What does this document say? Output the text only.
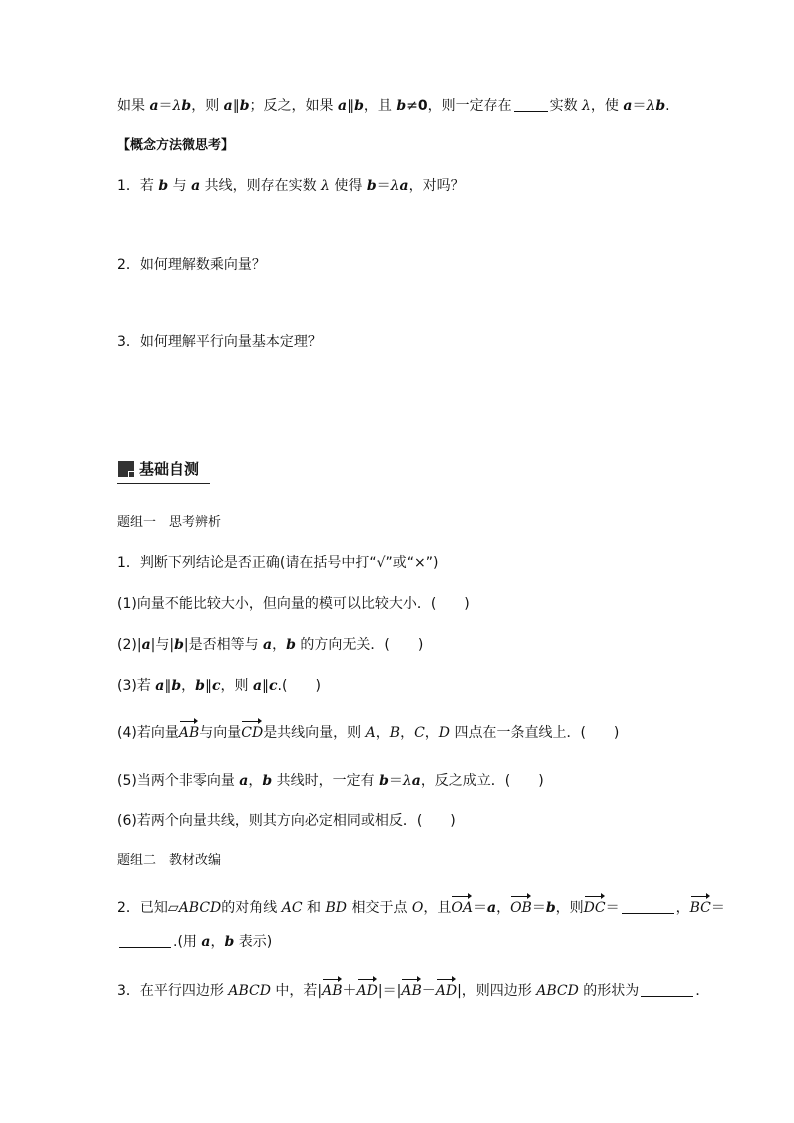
如果 a＝λb，则 a∥b；反之，如果 a∥b，且 b≠0，则一定存在	实数 λ，使 a＝λb.
【概念方法微思考】
1．若 b 与 a 共线，则存在实数 λ 使得 b＝λa，对吗？
2．如何理解数乘向量？
3．如何理解平行向量基本定理？
基础自测
题组一　思考辨析
1．判断下列结论是否正确(请在括号中打“√”或“×”)
(1)向量不能比较大小，但向量的模可以比较大小．(　　)
(2)|a|与|b|是否相等与 a，b 的方向无关．(　　)
(3)若 a∥b，b∥c，则 a∥c.(　　)
(4)若向量AB与向量CD是共线向量，则 A，B，C，D 四点在一条直线上．(　　)
(5)当两个非零向量 a，b 共线时，一定有 b＝λa，反之成立．(　　)
(6)若两个向量共线，则其方向必定相同或相反．(　　)
题组二　教材改编
2．已知▱ABCD的对角线 AC 和 BD 相交于点 O，且OA＝a，OB＝b，则DC＝	，BC＝
.(用 a，b 表示)
3．在平行四边形 ABCD 中，若|AB＋AD|＝|AB－AD|，则四边形 ABCD 的形状为	．
